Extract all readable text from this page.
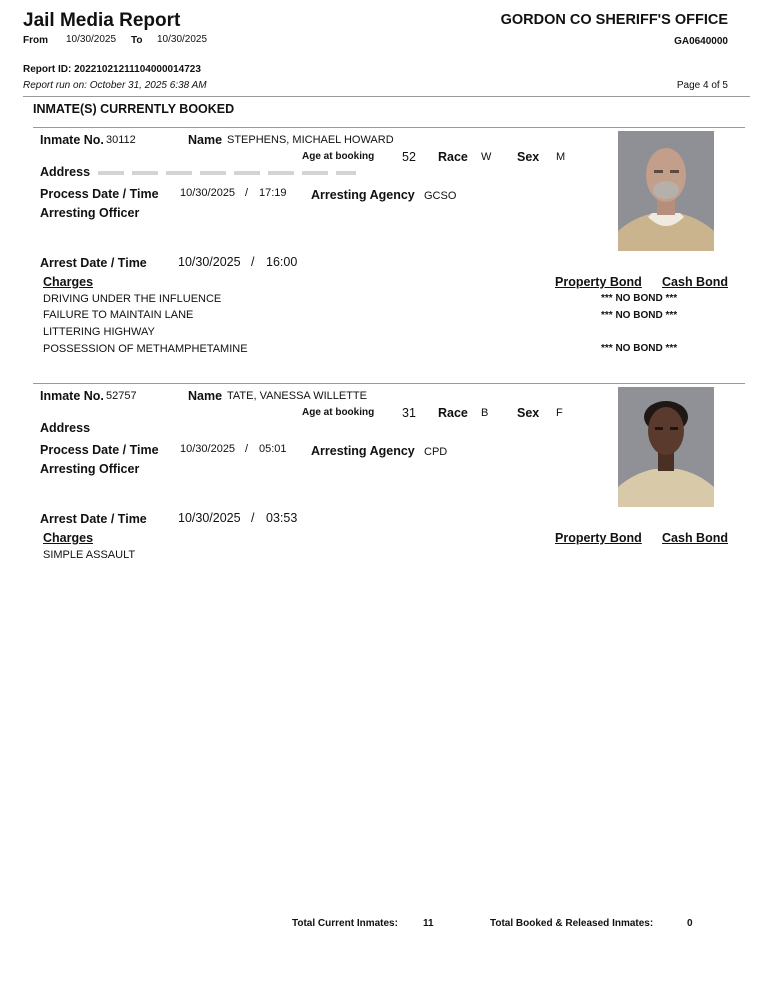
Jail Media Report
From 10/30/2025 To 10/30/2025
GORDON CO SHERIFF'S OFFICE
GA0640000
Report ID: 20221021211104000014723
Report run on: October 31, 2025 6:38 AM	Page 4 of 5
INMATE(S) CURRENTLY BOOKED
Inmate No. 30112	Name STEPHENS, MICHAEL HOWARD
Age at booking 52 Race W Sex M
Address
Process Date / Time 10/30/2025 / 17:19 Arresting Agency GCSO
Arresting Officer
Arrest Date / Time 10/30/2025 / 16:00
Charges	Property Bond Cash Bond
DRIVING UNDER THE INFLUENCE	*** NO BOND ***
FAILURE TO MAINTAIN LANE	*** NO BOND ***
LITTERING HIGHWAY
POSSESSION OF METHAMPHETAMINE	*** NO BOND ***
Inmate No. 52757	Name TATE, VANESSA WILLETTE
Age at booking 31 Race B Sex F
Address
Process Date / Time 10/30/2025 / 05:01 Arresting Agency CPD
Arresting Officer
Arrest Date / Time 10/30/2025 / 03:53
Charges	Property Bond Cash Bond
SIMPLE ASSAULT
Total Current Inmates:	11	Total Booked & Released Inmates:	0
